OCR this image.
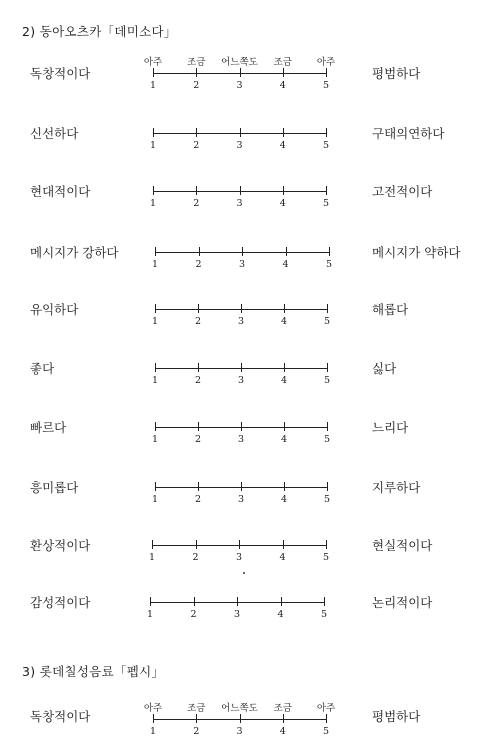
2) 동아오츠카「데미소다」
독창적이다	평범하다
1
아주
2
조금
3
어느쪽도
4
조금
5
아주
신선하다	구태의연하다
1	2	3	4	5
현대적이다	고전적이다
1	2	3	4	5
메시지가 강하다	메시지가 약하다
1	2	3	4	5
유익하다	해롭다
1	2	3	4	5
좋다	싫다
1	2	3	4	5
빠르다	느리다
1	2	3	4	5
흥미롭다	지루하다
1	2	3	4	5
환상적이다	현실적이다
1	2	3	4	5
감성적이다	논리적이다
1	2	3	4	5
3) 롯데칠성음료「펩시」
독창적이다	평범하다
1
아주
2
조금
3
어느쪽도
4
조금
5
아주
